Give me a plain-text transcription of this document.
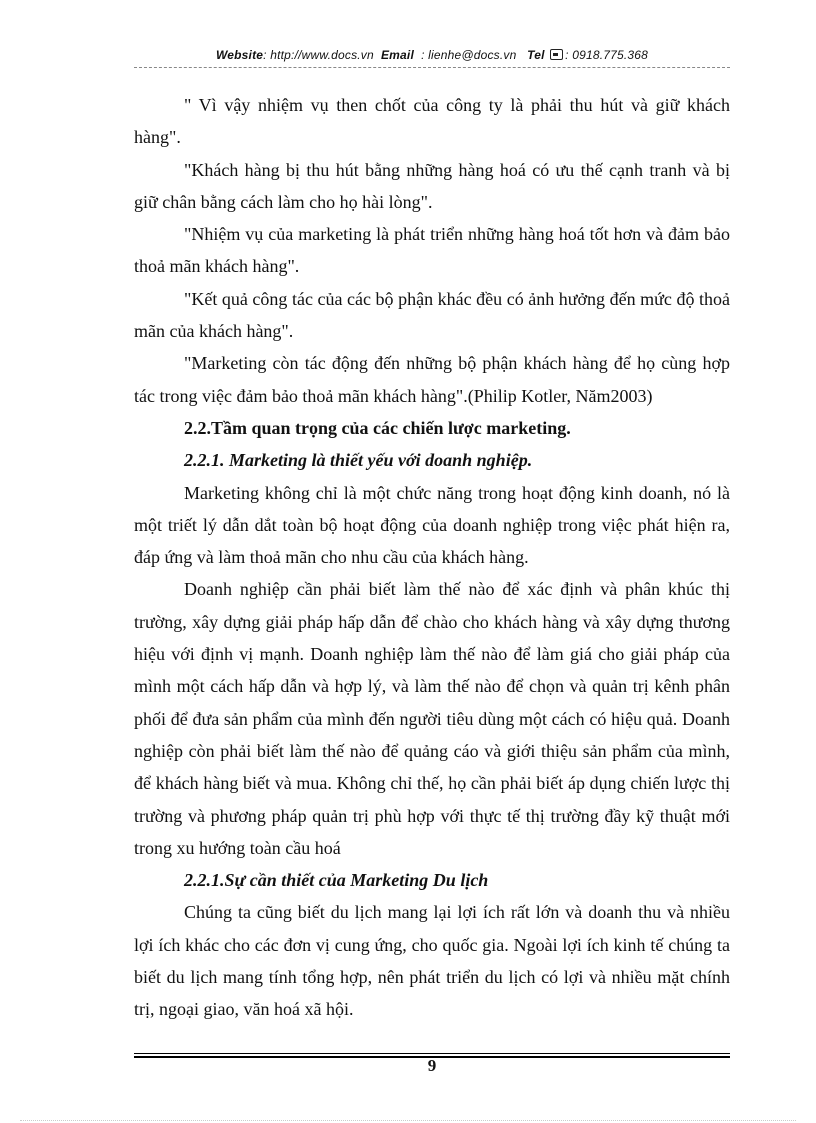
Website: http://www.docs.vn Email : lienhe@docs.vn Tel : 0918.775.368

" Vì vậy nhiệm vụ then chốt của công ty là phải thu hút và giữ khách hàng".

"Khách hàng bị thu hút bằng những hàng hoá có ưu thế cạnh tranh và bị giữ chân bằng cách làm cho họ hài lòng".

"Nhiệm vụ của marketing là phát triển những hàng hoá tốt hơn và đảm bảo thoả mãn khách hàng".

"Kết quả công tác của các bộ phận khác đều có ảnh hưởng đến mức độ thoả mãn của khách hàng".

"Marketing còn tác động đến những bộ phận khách hàng để họ cùng hợp tác trong việc đảm bảo thoả mãn khách hàng".(Philip Kotler, Năm2003)

2.2.Tầm quan trọng của các chiến lược marketing.

2.2.1. Marketing là thiết yếu với doanh nghiệp.

Marketing không chỉ là một chức năng trong hoạt động kinh doanh, nó là một triết lý dẫn dắt toàn bộ hoạt động của doanh nghiệp trong việc phát hiện ra, đáp ứng và làm thoả mãn cho nhu cầu của khách hàng.

Doanh nghiệp cần phải biết làm thế nào để xác định và phân khúc thị trường, xây dựng giải pháp hấp dẫn để chào cho khách hàng và xây dựng thương hiệu với định vị mạnh. Doanh nghiệp làm thế nào để làm giá cho giải pháp của mình một cách hấp dẫn và hợp lý, và làm thế nào để chọn và quản trị kênh phân phối để đưa sản phẩm của mình đến người tiêu dùng một cách có hiệu quả. Doanh nghiệp còn phải biết làm thế nào để quảng cáo và giới thiệu sản phẩm của mình, để khách hàng biết và mua. Không chỉ thế, họ cần phải biết áp dụng chiến lược thị trường và phương pháp quản trị phù hợp với thực tế thị trường đầy kỹ thuật mới trong xu hướng toàn cầu hoá

2.2.1.Sự cần thiết của Marketing Du lịch

Chúng ta cũng biết du lịch mang lại lợi ích rất lớn và doanh thu và nhiều lợi ích khác cho các đơn vị cung ứng, cho quốc gia. Ngoài lợi ích kinh tế chúng ta biết du lịch mang tính tổng hợp, nên phát triển du lịch có lợi và nhiều mặt chính trị, ngoại giao, văn hoá xã hội.

9
